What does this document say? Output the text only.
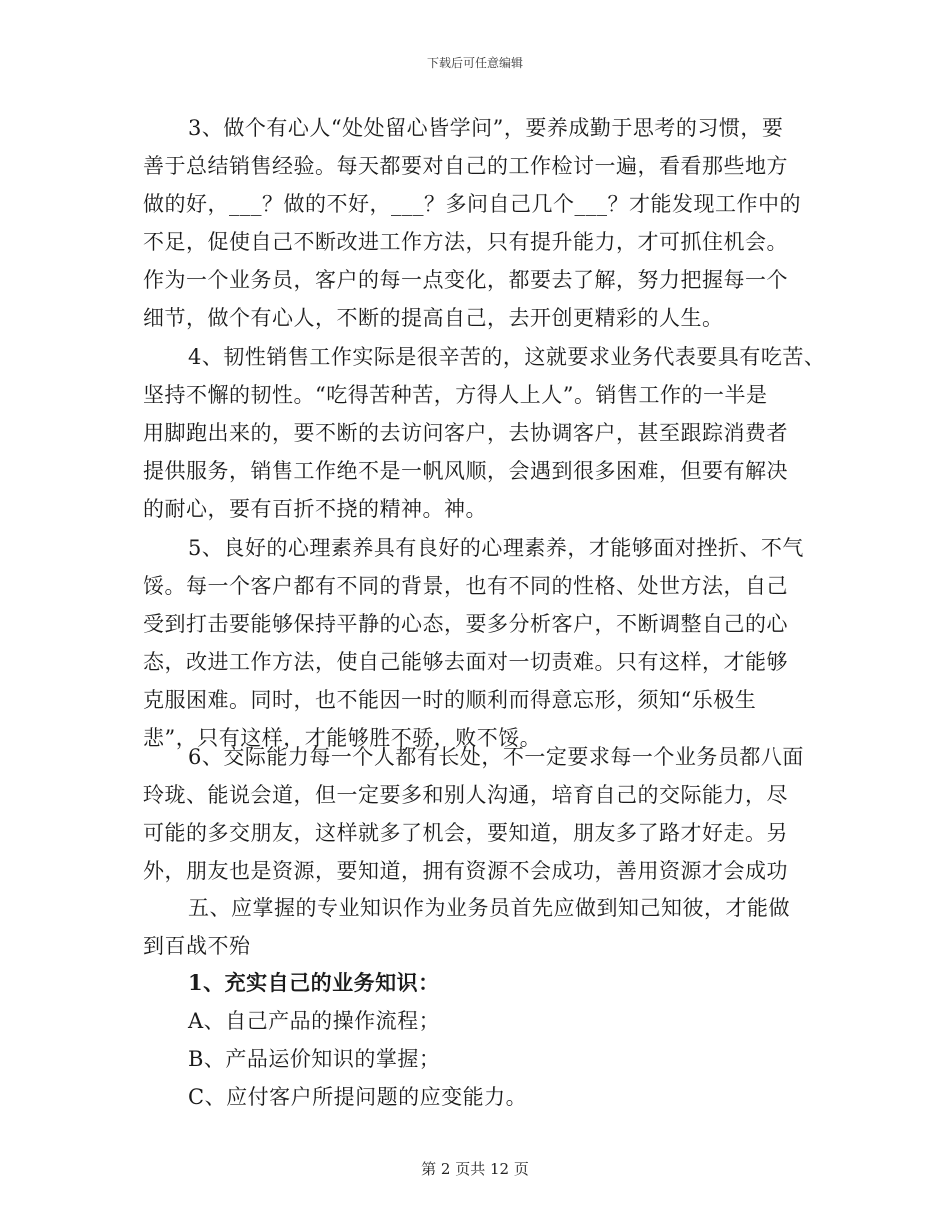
下载后可任意编辑
3、做个有心人“处处留心皆学问”，要养成勤于思考的习惯，要
善于总结销售经验。每天都要对自己的工作检讨一遍，看看那些地方
做的好，___？做的不好，___？多问自己几个___？才能发现工作中的
不足，促使自己不断改进工作方法，只有提升能力，才可抓住机会。
作为一个业务员，客户的每一点变化，都要去了解，努力把握每一个
细节，做个有心人，不断的提高自己，去开创更精彩的人生。
4、韧性销售工作实际是很辛苦的，这就要求业务代表要具有吃苦、
坚持不懈的韧性。“吃得苦种苦，方得人上人”。销售工作的一半是
用脚跑出来的，要不断的去访问客户，去协调客户，甚至跟踪消费者
提供服务，销售工作绝不是一帆风顺，会遇到很多困难，但要有解决
的耐心，要有百折不挠的精神。神。
5、良好的心理素养具有良好的心理素养，才能够面对挫折、不气
馁。每一个客户都有不同的背景，也有不同的性格、处世方法，自己
受到打击要能够保持平静的心态，要多分析客户，不断调整自己的心
态，改进工作方法，使自己能够去面对一切责难。只有这样，才能够
克服困难。同时，也不能因一时的顺利而得意忘形，须知“乐极生
悲”，只有这样，才能够胜不骄，败不馁。
6、交际能力每一个人都有长处，不一定要求每一个业务员都八面
玲珑、能说会道，但一定要多和别人沟通，培育自己的交际能力，尽
可能的多交朋友，这样就多了机会，要知道，朋友多了路才好走。另
外，朋友也是资源，要知道，拥有资源不会成功，善用资源才会成功
五、应掌握的专业知识作为业务员首先应做到知己知彼，才能做
到百战不殆
1、充实自己的业务知识：
A、自己产品的操作流程；
B、产品运价知识的掌握；
C、应付客户所提问题的应变能力。
第 2 页共 12 页
